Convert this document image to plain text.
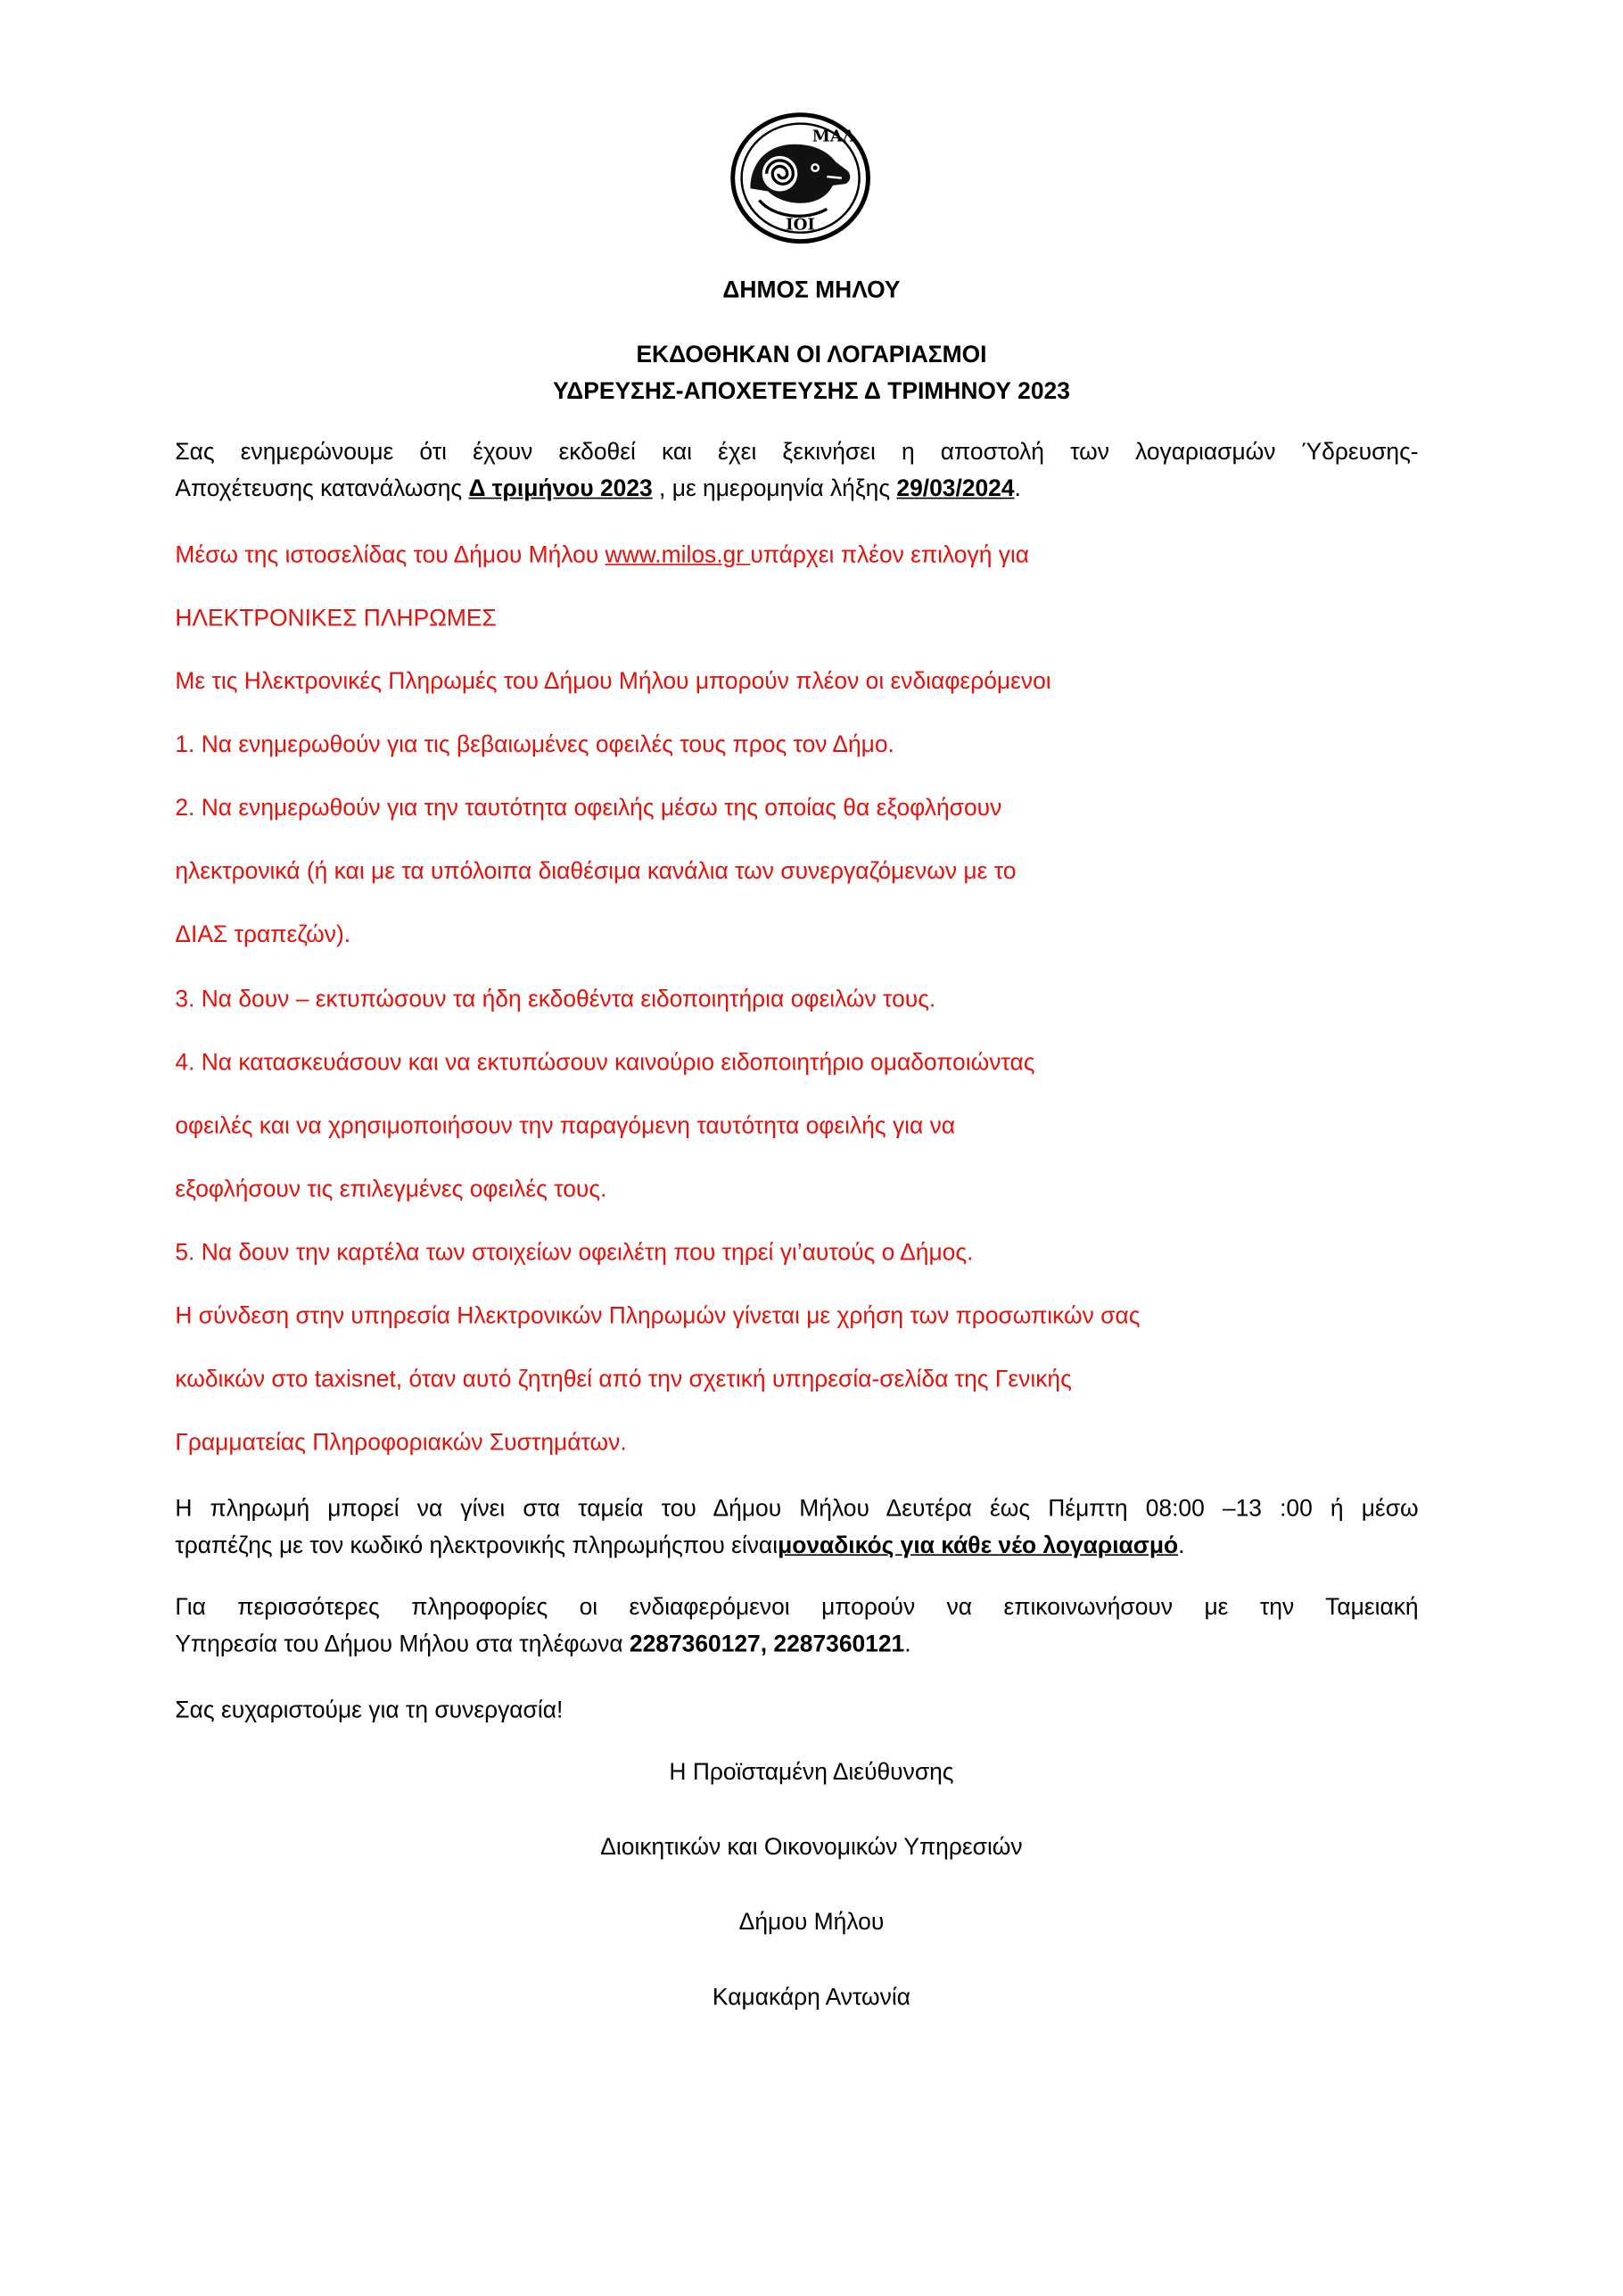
ΜΑΛ
ΙΟΙ
ΔΗΜΟΣ ΜΗΛΟΥ
ΕΚΔΟΘΗΚΑΝ ΟΙ ΛΟΓΑΡΙΑΣΜΟΙ
ΥΔΡΕΥΣΗΣ-ΑΠΟΧΕΤΕΥΣΗΣ Δ ΤΡΙΜΗΝΟΥ 2023
Σας ενημερώνουμε ότι έχουν εκδοθεί και έχει ξεκινήσει η αποστολή των λογαριασμών Ύδρευσης-
Αποχέτευσης κατανάλωσης Δ τριμήνου 2023 , με ημερομηνία λήξης 29/03/2024.
Μέσω της ιστοσελίδας του Δήμου Μήλου www.milos.gr υπάρχει πλέον επιλογή για
ΗΛΕΚΤΡΟΝΙΚΕΣ ΠΛΗΡΩΜΕΣ
Με τις Ηλεκτρονικές Πληρωμές του Δήμου Μήλου μπορούν πλέον οι ενδιαφερόμενοι
1. Να ενημερωθούν για τις βεβαιωμένες οφειλές τους προς τον Δήμο.
2. Να ενημερωθούν για την ταυτότητα οφειλής μέσω της οποίας θα εξοφλήσουν
ηλεκτρονικά (ή και με τα υπόλοιπα διαθέσιμα κανάλια των συνεργαζόμενων με το
ΔΙΑΣ τραπεζών).
3. Να δουν – εκτυπώσουν τα ήδη εκδοθέντα ειδοποιητήρια οφειλών τους.
4. Να κατασκευάσουν και να εκτυπώσουν καινούριο ειδοποιητήριο ομαδοποιώντας
οφειλές και να χρησιμοποιήσουν την παραγόμενη ταυτότητα οφειλής για να
εξοφλήσουν τις επιλεγμένες οφειλές τους.
5. Να δουν την καρτέλα των στοιχείων οφειλέτη που τηρεί γι’αυτούς ο Δήμος.
Η σύνδεση στην υπηρεσία Ηλεκτρονικών Πληρωμών γίνεται με χρήση των προσωπικών σας
κωδικών στο taxisnet, όταν αυτό ζητηθεί από την σχετική υπηρεσία-σελίδα της Γενικής
Γραμματείας Πληροφοριακών Συστημάτων.
Η πληρωμή μπορεί να γίνει στα ταμεία του Δήμου Μήλου Δευτέρα έως Πέμπτη 08:00 –13 :00 ή μέσω
τραπέζης με τον κωδικό ηλεκτρονικής πληρωμήςπου είναιμοναδικός για κάθε νέο λογαριασμό.
Για περισσότερες πληροφορίες οι ενδιαφερόμενοι μπορούν να επικοινωνήσουν με την Ταμειακή
Υπηρεσία του Δήμου Μήλου στα τηλέφωνα 2287360127, 2287360121.
Σας ευχαριστούμε για τη συνεργασία!
Η Προϊσταμένη Διεύθυνσης
Διοικητικών και Οικονομικών Υπηρεσιών
Δήμου Μήλου
Καμακάρη Αντωνία
